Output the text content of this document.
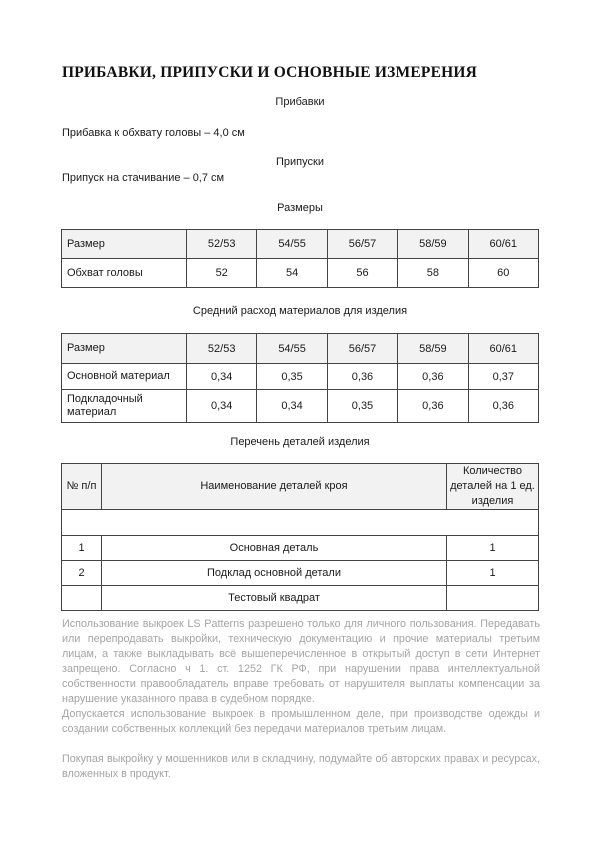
ПРИБАВКИ, ПРИПУСКИ И ОСНОВНЫЕ ИЗМЕРЕНИЯ
Прибавки
Прибавка к обхвату головы – 4,0 см
Припуски
Припуск на стачивание – 0,7 см
Размеры
Размер	52/53	54/55	56/57	58/59	60/61
Обхват головы	52	54	56	58	60
Средний расход материалов для изделия
Размер	52/53	54/55	56/57	58/59	60/61
Основной материал	0,34	0,35	0,36	0,36	0,37
Подкладочный материал	0,34	0,34	0,35	0,36	0,36
Перечень деталей изделия
№ п/п	Наименование деталей кроя	Количество деталей на 1 ед. изделия

1	Основная деталь	1
2	Подклад основной детали	1
	Тестовый квадрат	

Использование выкроек LS Patterns разрешено только для личного пользования. Передавать или перепродавать выкройки, техническую документацию и прочие материалы третьим лицам, а также выкладывать всё вышеперечисленное в открытый доступ в сети Интернет запрещено. Согласно ч 1. ст. 1252 ГК РФ, при нарушении права интеллектуальной собственности правообладатель вправе требовать от нарушителя выплаты компенсации за нарушение указанного права в судебном порядке.

Допускается использование выкроек в промышленном деле, при производстве одежды и создании собственных коллекций без передачи материалов третьим лицам.

Покупая выкройку у мошенников или в складчину, подумайте об авторских правах и ресурсах, вложенных в продукт.
